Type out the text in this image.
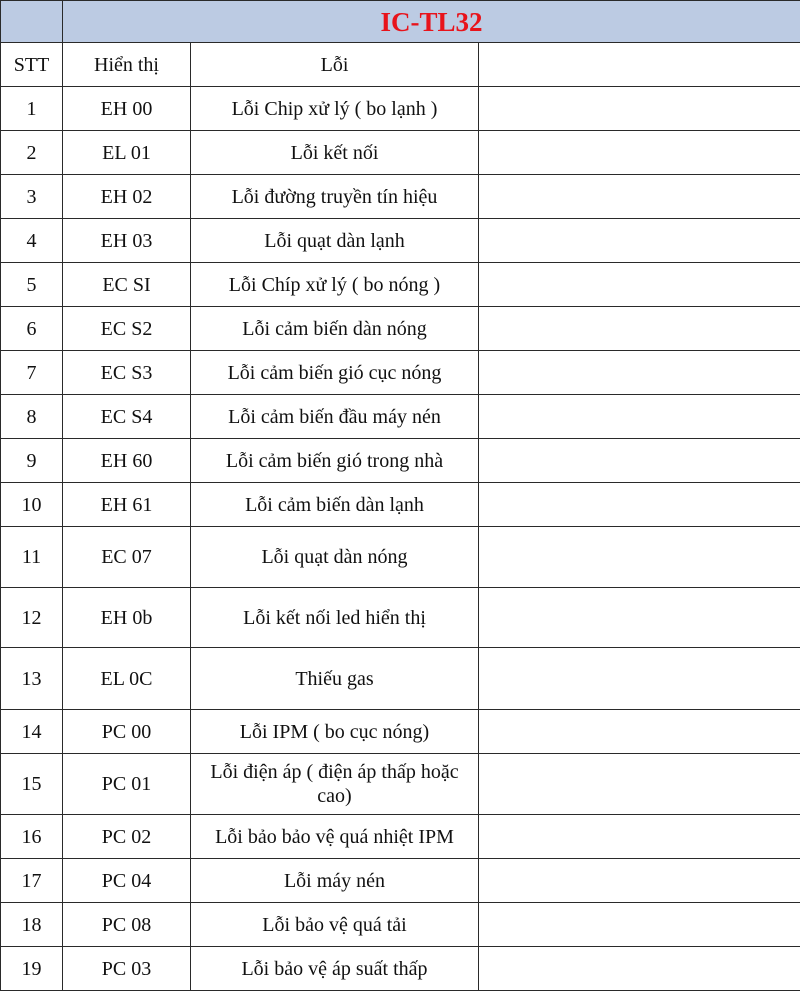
	IC-TL32		
STT	Hiển thị	Lỗi	
1	EH 00	Lỗi Chip xử lý ( bo lạnh )	
2	EL 01	Lỗi kết nối	
3	EH 02	Lỗi đường truyền tín hiệu	
4	EH 03	Lỗi quạt dàn lạnh	
5	EC SI	Lỗi Chíp xử lý ( bo nóng )	
6	EC S2	Lỗi cảm biến dàn nóng	
7	EC S3	Lỗi cảm biến gió cục nóng	
8	EC S4	Lỗi cảm biến đầu máy nén	
9	EH 60	Lỗi cảm biến gió trong nhà	
10	EH 61	Lỗi cảm biến dàn lạnh	
11	EC 07	Lỗi quạt dàn nóng	
12	EH 0b	Lỗi kết nối led hiển thị	
13	EL 0C	Thiếu gas	
14	PC 00	Lỗi IPM ( bo cục nóng)	
15	PC 01	Lỗi điện áp ( điện áp thấp hoặc cao)	
16	PC 02	Lỗi bảo bảo vệ quá nhiệt IPM	
17	PC 04	Lỗi máy nén	
18	PC 08	Lỗi bảo vệ quá tải	
19	PC 03	Lỗi bảo vệ áp suất thấp	
